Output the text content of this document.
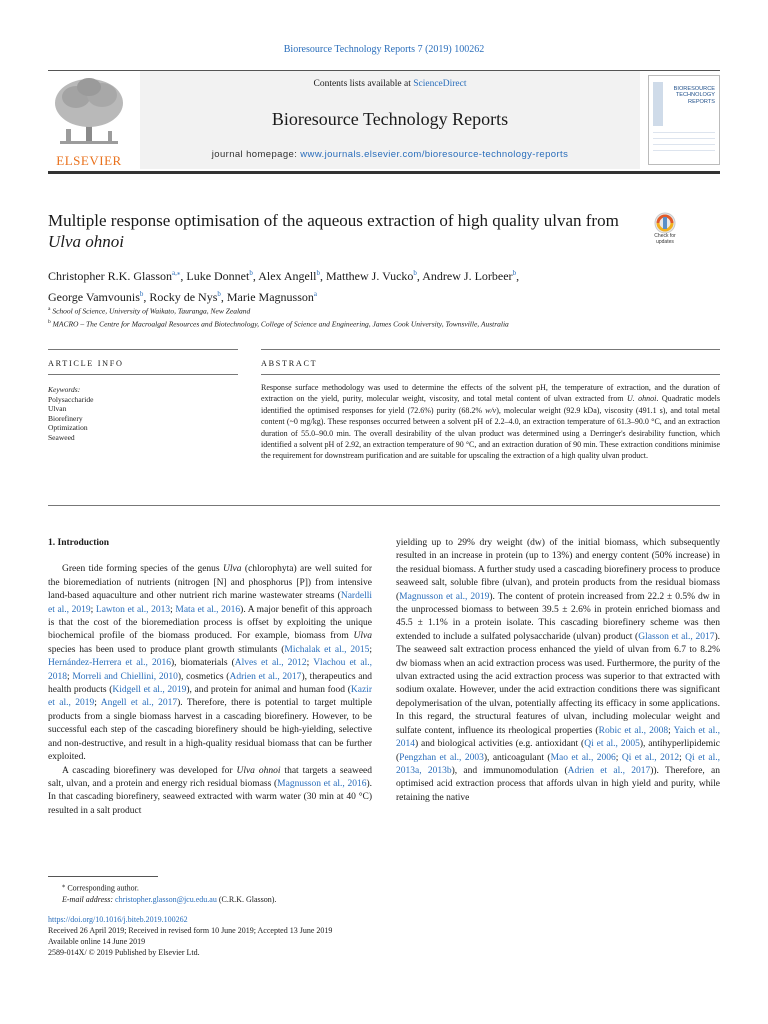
Bioresource Technology Reports 7 (2019) 100262
ELSEVIER
Contents lists available at ScienceDirect
Bioresource Technology Reports
journal homepage: www.journals.elsevier.com/bioresource-technology-reports
BIORESOURCE TECHNOLOGY REPORTS
Multiple response optimisation of the aqueous extraction of high quality ulvan from Ulva ohnoi	Check for updates
Christopher R.K. Glasson$^{a,⁎}$, Luke Donnet$^b$, Alex Angell$^b$, Matthew J. Vucko$^b$, Andrew J. Lorbeer$^b$,
George Vamvounis$^b$, Rocky de Nys$^b$, Marie Magnusson$^a$
$^a$ School of Science, University of Waikato, Tauranga, New Zealand
$^b$ MACRO – The Centre for Macroalgal Resources and Biotechnology, College of Science and Engineering, James Cook University, Townsville, Australia
ARTICLE INFO	ABSTRACT
Keywords:
Polysaccharide
Ulvan
Biorefinery
Optimization
Seaweed
Response surface methodology was used to determine the effects of the solvent pH, the temperature of extraction, and the duration of extraction on the yield, purity, molecular weight, viscosity, and total metal content of ulvan extracted from U. ohnoi. Quadratic models identified the optimised responses for yield (72.6%) purity (68.2% w/v), molecular weight (92.9 kDa), viscosity (491.1 s), and total metal content (~0 mg/kg). These responses occurred between a solvent pH of 2.2–4.0, an extraction temperature of 61.3–90.0 °C, and an extraction duration of 55.0–90.0 min. The overall desirability of the ulvan product was determined using a Derringer's desirability function, which identified a solvent pH of 2.92, an extraction temperature of 90 °C, and an extraction duration of 90 min. These extraction conditions minimise the requirement for downstream purification and are suitable for upscaling the extraction of a high quality ulvan product.
1. Introduction

Green tide forming species of the genus Ulva (chlorophyta) are well suited for the bioremediation of nutrients (nitrogen [N] and phosphorus [P]) from intensive land-based aquaculture and other nutrient rich marine wastewater streams (Nardelli et al., 2019; Lawton et al., 2013; Mata et al., 2016). A major benefit of this approach is that the cost of the bioremediation process is offset by exploiting the unique biochemical profile of the biomass produced. For example, biomass from Ulva species has been used to produce plant growth stimulants (Michalak et al., 2015; Hernández-Herrera et al., 2016), biomaterials (Alves et al., 2012; Vlachou et al., 2018; Morreli and Chiellini, 2010), cosmetics (Adrien et al., 2017), therapeutics and health products (Kidgell et al., 2019), and protein for animal and human food (Kazir et al., 2019; Angell et al., 2017). Therefore, there is potential to target multiple products from a single biomass harvest in a cascading biorefinery. However, to be successful each step of the cascading biorefinery should be high-yielding, selective and non-destructive, and result in a high-quality residual biomass that can be further exploited.

A cascading biorefinery was developed for Ulva ohnoi that targets a seaweed salt, ulvan, and a protein and energy rich residual biomass (Magnusson et al., 2016). In that cascading biorefinery, seaweed extracted with warm water (30 min at 40 °C) resulted in a salt product

yielding up to 29% dry weight (dw) of the initial biomass, which subsequently resulted in an increase in protein (up to 13%) and energy content (50% increase) in the residual biomass. A further study used a cascading biorefinery process to produce seaweed salt, soluble fibre (ulvan), and protein products from the residual biomass (Magnusson et al., 2019). The content of protein increased from 22.2 ± 0.5% dw in the unprocessed biomass to between 39.5 ± 2.6% in protein enriched biomass and 45.5 ± 1.1% in a protein isolate. This cascading biorefinery scheme was then extended to include a sulfated polysaccharide (ulvan) product (Glasson et al., 2017). The seaweed salt extraction process enhanced the yield of ulvan from 6.7 to 8.2% dw biomass when an acid extraction process was used. Furthermore, the purity of the ulvan extracted using the acid extraction process was superior to that extracted with sodium oxalate. However, under the acid extraction conditions there was significant depolymerisation of the ulvan, potentially affecting its efficacy in some applications. In this regard, the structural features of ulvan, including molecular weight and sulfate content, influence its rheological properties (Robic et al., 2008; Yaich et al., 2014) and biological activities (e.g. antioxidant (Qi et al., 2005), antihyperlipidemic (Pengzhan et al., 2003), anticoagulant (Mao et al., 2006; Qi et al., 2012; Qi et al., 2013a, 2013b), and immunomodulation (Adrien et al., 2017)). Therefore, an optimised acid extraction process that affords ulvan in high yield and purity, while retaining the native
⁎ Corresponding author.
E-mail address: christopher.glasson@jcu.edu.au (C.R.K. Glasson).
https://doi.org/10.1016/j.biteb.2019.100262
Received 26 April 2019; Received in revised form 10 June 2019; Accepted 13 June 2019
Available online 14 June 2019
2589-014X/ © 2019 Published by Elsevier Ltd.
